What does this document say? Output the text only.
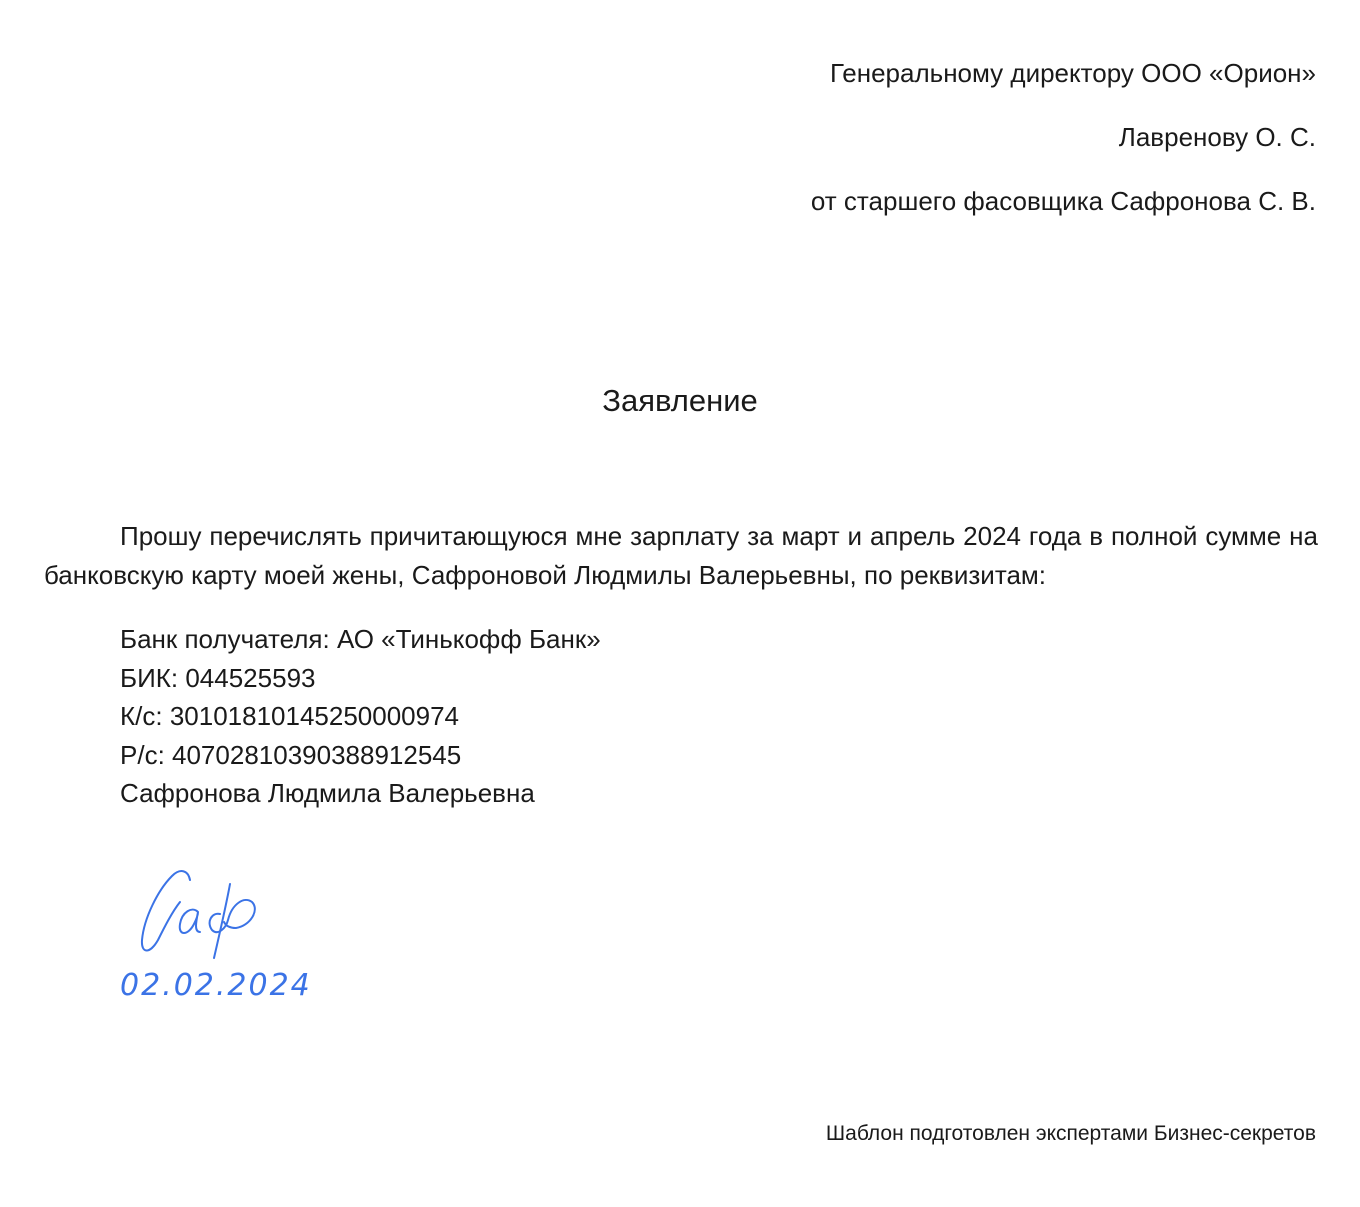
Генеральному директору ООО «Орион»
Лавренову О. С.
от старшего фасовщика Сафронова С. В.
Заявление
Прошу перечислять причитающуюся мне зарплату за март и апрель 2024 года в полной сумме на банковскую карту моей жены, Сафроновой Людмилы Валерьевны, по реквизитам:
Банк получателя: АО «Тинькофф Банк»
БИК: 044525593
К/с: 30101810145250000974
Р/с: 40702810390388912545
Сафронова Людмила Валерьевна
02.02.2024
Шаблон подготовлен экспертами Бизнес-секретов
